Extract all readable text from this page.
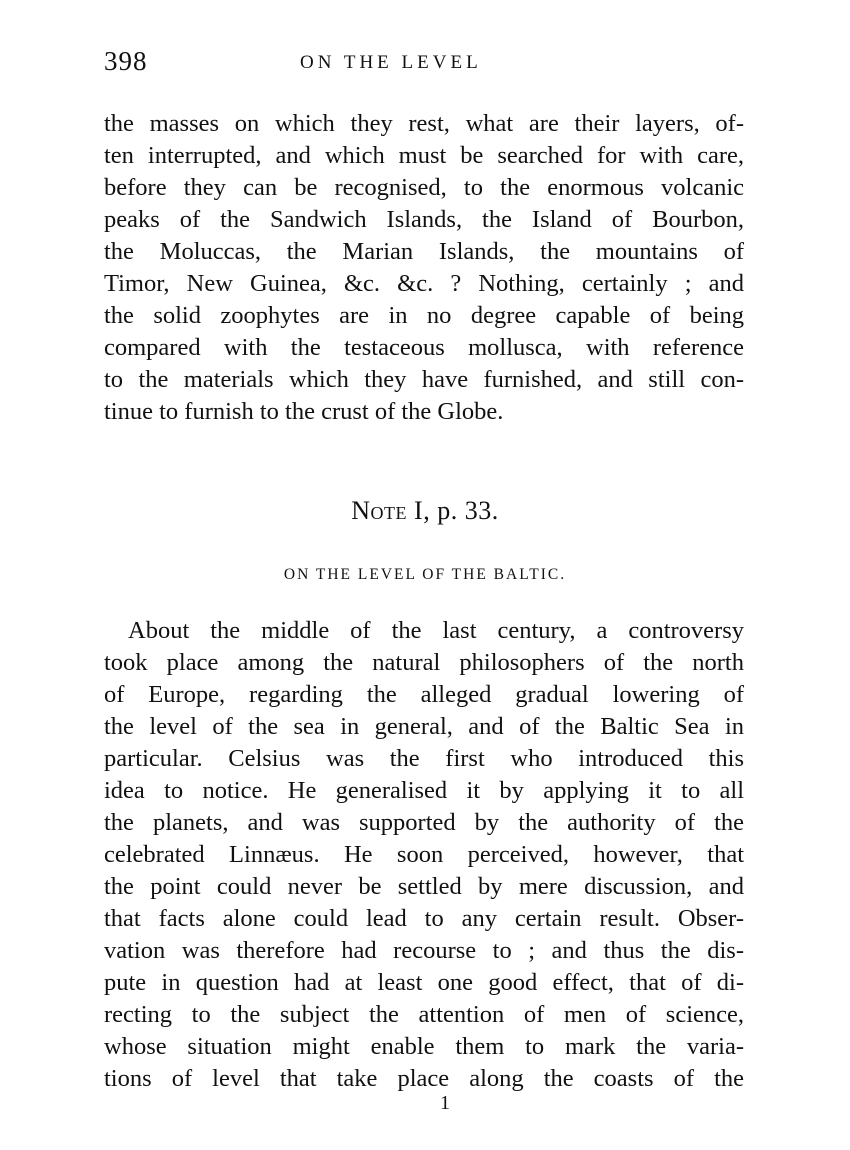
398	ON THE LEVEL
the masses on which they rest, what are their layers, of-
ten interrupted, and which must be searched for with care,
before they can be recognised, to the enormous volcanic
peaks of the Sandwich Islands, the Island of Bourbon,
the Moluccas, the Marian Islands, the mountains of
Timor, New Guinea, &c. &c. ? Nothing, certainly ; and
the solid zoophytes are in no degree capable of being
compared with the testaceous mollusca, with reference
to the materials which they have furnished, and still con-
tinue to furnish to the crust of the Globe.
Note I, p. 33.
ON THE LEVEL OF THE BALTIC.
About the middle of the last century, a controversy
took place among the natural philosophers of the north
of Europe, regarding the alleged gradual lowering of
the level of the sea in general, and of the Baltic Sea in
particular. Celsius was the first who introduced this
idea to notice. He generalised it by applying it to all
the planets, and was supported by the authority of the
celebrated Linnæus. He soon perceived, however, that
the point could never be settled by mere discussion, and
that facts alone could lead to any certain result. Obser-
vation was therefore had recourse to ; and thus the dis-
pute in question had at least one good effect, that of di-
recting to the subject the attention of men of science,
whose situation might enable them to mark the varia-
tions of level that take place along the coasts of the
1
